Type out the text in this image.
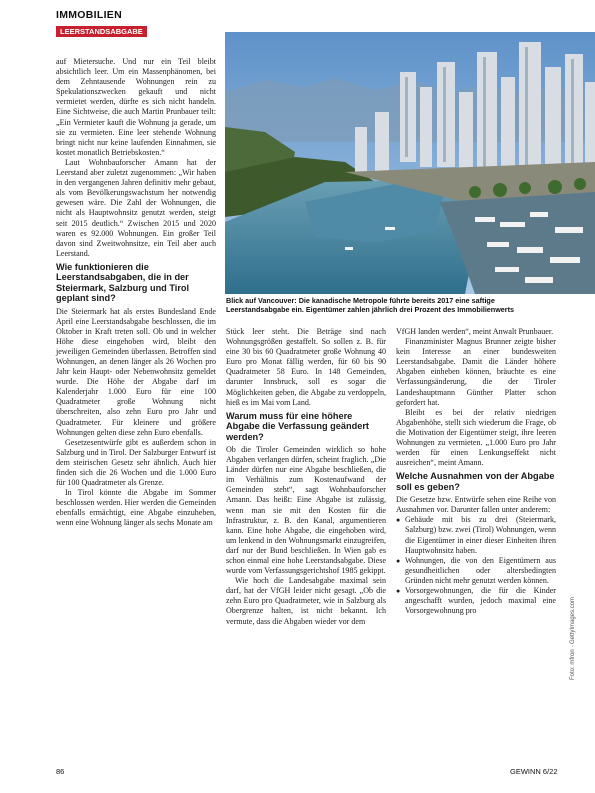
IMMOBILIEN
LEERSTANDSABGABE
Blick auf Vancouver: Die kanadische Metropole führte bereits 2017 eine saftige Leerstandsabgabe ein. Eigentümer zahlen jährlich drei Prozent des Immobilienwerts
Foto: mfron · GettyImages.com

auf Mietersuche. Und nur ein Teil bleibt absichtlich leer. Um ein Massenphänomen, bei dem Zehntausende Wohnungen rein zu Spekulationszwecken gekauft und nicht vermietet werden, dürfte es sich nicht handeln. Eine Sichtweise, die auch Martin Prunbauer teilt: „Ein Vermieter kauft die Wohnung ja gerade, um sie zu vermieten. Eine leer stehende Wohnung bringt nicht nur keine laufenden Einnahmen, sie kostet monatlich Betriebskosten.“

Laut Wohnbauforscher Amann hat der Leerstand aber zuletzt zugenommen: „Wir haben in den vergangenen Jahren definitiv mehr gebaut, als vom Bevölkerungswachstum her notwendig gewesen wäre. Die Zahl der Wohnungen, die nicht als Hauptwohnsitz genutzt werden, steigt seit 2015 deutlich.“ Zwischen 2015 und 2020 waren es 92.000 Wohnungen. Ein großer Teil davon sind Zweitwohnsitze, ein Teil aber auch Leerstand.

Wie funktionieren die Leerstandsabgaben, die in der Steiermark, Salzburg und Tirol geplant sind?

Die Steiermark hat als erstes Bundesland Ende April eine Leerstandsabgabe beschlossen, die im Oktober in Kraft treten soll. Ob und in welcher Höhe diese eingehoben wird, bleibt den jeweiligen Gemeinden überlassen. Betroffen sind Wohnungen, an denen länger als 26 Wochen pro Jahr kein Haupt- oder Nebenwohnsitz gemeldet wurde. Die Höhe der Abgabe darf im Kalenderjahr 1.000 Euro für eine 100 Quadratmeter große Wohnung nicht überschreiten, also zehn Euro pro Jahr und Quadratmeter. Für kleinere und größere Wohnungen gelten diese zehn Euro ebenfalls.

Gesetzesentwürfe gibt es außerdem schon in Salzburg und in Tirol. Der Salzburger Entwurf ist dem steirischen Gesetz sehr ähnlich. Auch hier finden sich die 26 Wochen und die 1.000 Euro für 100 Quadratmeter als Grenze.

In Tirol könnte die Abgabe im Sommer beschlossen werden. Hier werden die Gemeinden ebenfalls ermächtigt, eine Abgabe einzuheben, wenn eine Wohnung länger als sechs Monate am

Stück leer steht. Die Beträge sind nach Wohnungsgrößen gestaffelt. So sollen z. B. für eine 30 bis 60 Quadratmeter große Wohnung 40 Euro pro Monat fällig werden, für 60 bis 90 Quadratmeter 58 Euro. In 148 Gemeinden, darunter Innsbruck, soll es sogar die Möglichkeiten geben, die Abgabe zu verdoppeln, hieß es im Mai vom Land.

Warum muss für eine höhere Abgabe die Verfassung geändert werden?

Ob die Tiroler Gemeinden wirklich so hohe Abgaben verlangen dürfen, scheint fraglich. „Die Länder dürfen nur eine Abgabe beschließen, die im Verhältnis zum Kostenaufwand der Gemeinden steht“, sagt Wohnbauforscher Amann. Das heißt: Eine Abgabe ist zulässig, wenn man sie mit den Kosten für die Infrastruktur, z. B. den Kanal, argumentieren kann. Eine hohe Abgabe, die eingehoben wird, um lenkend in den Wohnungsmarkt einzugreifen, darf nur der Bund beschließen. In Wien gab es schon einmal eine hohe Leerstandsabgabe. Diese wurde vom Verfassungsgerichtshof 1985 gekippt.

Wie hoch die Landesabgabe maximal sein darf, hat der VfGH leider nicht gesagt. „Ob die zehn Euro pro Quadratmeter, wie in Salzburg als Obergrenze halten, ist nicht bekannt. Ich vermute, dass die Abgaben wieder vor dem

VfGH landen werden“, meint Anwalt Prunbauer.

Finanzminister Magnus Brunner zeigte bisher kein Interesse an einer bundesweiten Leerstandsabgabe. Damit die Länder höhere Abgaben einheben können, bräuchte es eine Verfassungsänderung, die der Tiroler Landeshauptmann Günther Platter schon gefordert hat.

Bleibt es bei der relativ niedrigen Abgabenhöhe, stellt sich wiederum die Frage, ob die Motivation der Eigentümer steigt, ihre leeren Wohnungen zu vermieten. „1.000 Euro pro Jahr werden für einen Lenkungseffekt nicht ausreichen“, meint Amann.

Welche Ausnahmen von der Abgabe soll es geben?

Die Gesetze bzw. Entwürfe sehen eine Reihe von Ausnahmen vor. Darunter fallen unter anderem:

● Gebäude mit bis zu drei (Steiermark, Salzburg) bzw. zwei (Tirol) Wohnungen, wenn die Eigentümer in einer dieser Einheiten ihren Hauptwohnsitz haben.
● Wohnungen, die von den Eigentümern aus gesundheitlichen oder altersbedingten Gründen nicht mehr genutzt werden können.
● Vorsorgewohnungen, die für die Kinder angeschafft wurden, jedoch maximal eine Vorsorgewohnung pro
86	GEWINN 6/22
